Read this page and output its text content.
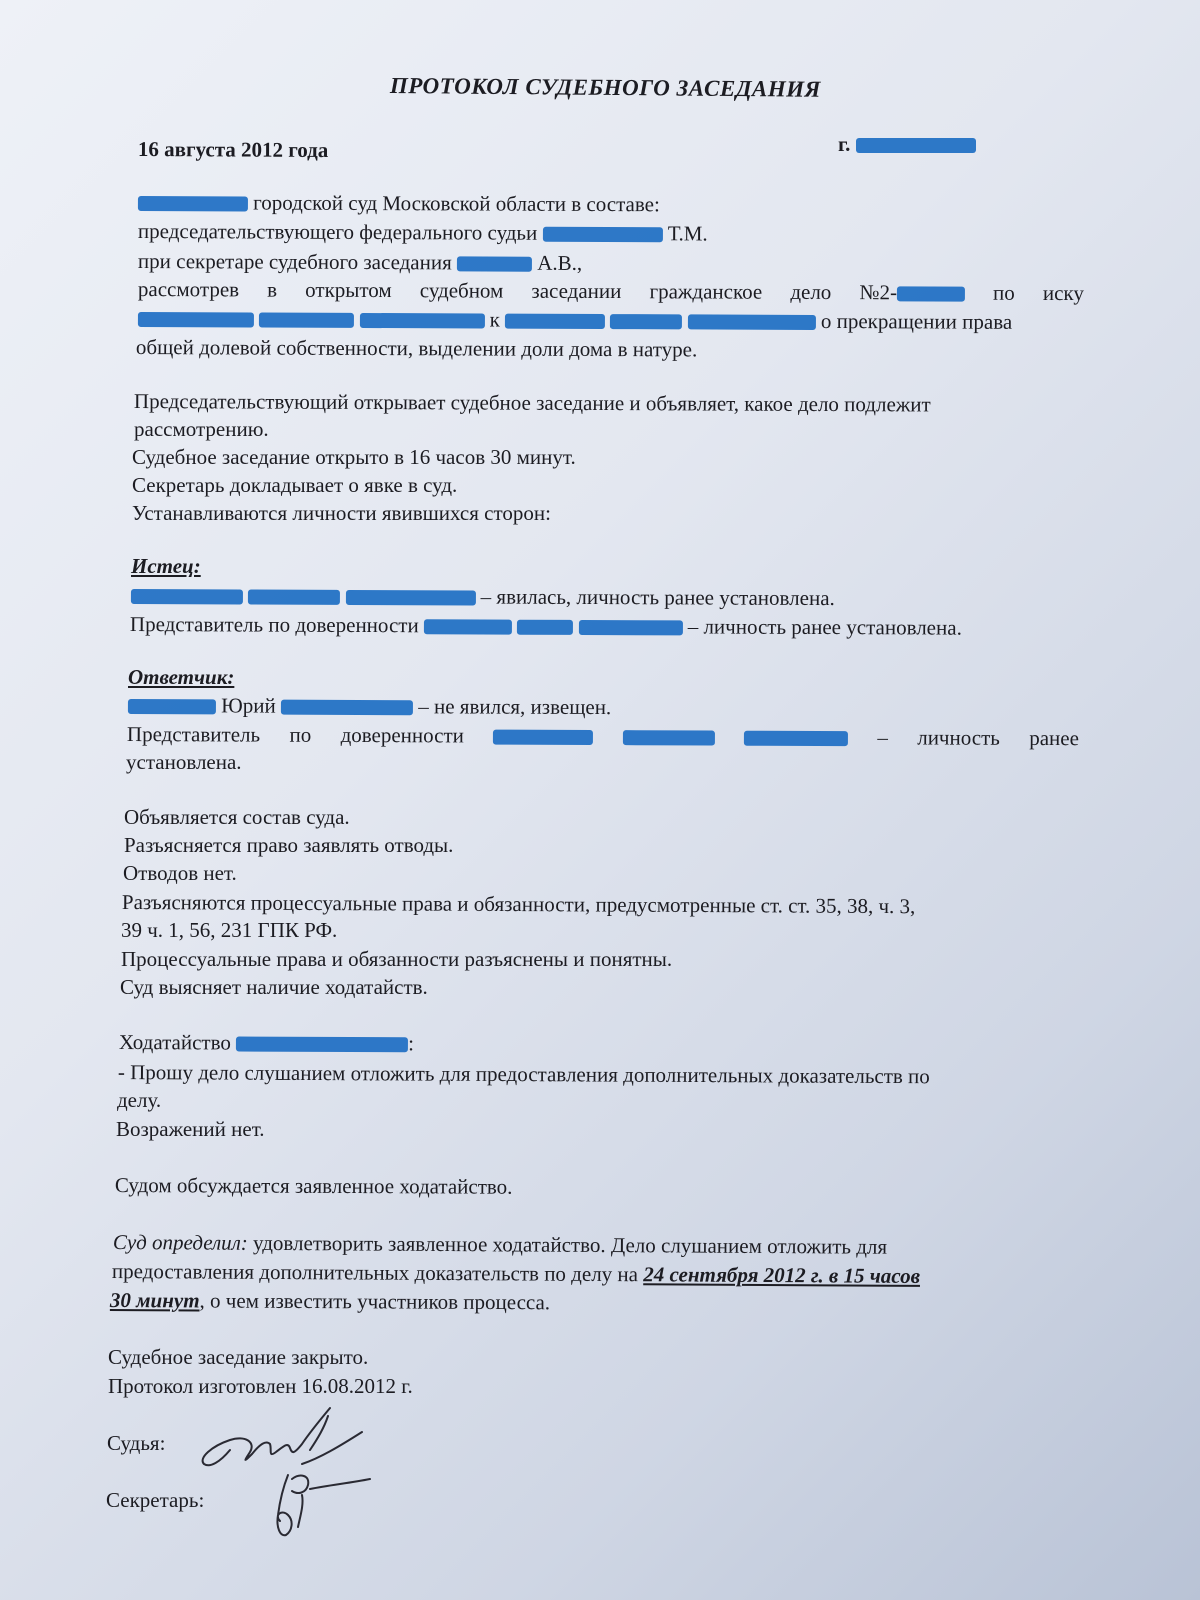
ПРОТОКОЛ СУДЕБНОГО ЗАСЕДАНИЯ
16 августа 2012 года	г.
городской суд Московской области в составе:
председательствующего федерального судьи	Т.М.
при секретаре судебного заседания	А.В.,
рассмотрев в открытом судебном заседании гражданское дело №2-	по иску
к	о прекращении права
общей долевой собственности, выделении доли дома в натуре.
Председательствующий открывает судебное заседание и объявляет, какое дело подлежит
рассмотрению.
Судебное заседание открыто в 16 часов 30 минут.
Секретарь докладывает о явке в суд.
Устанавливаются личности явившихся сторон:
Истец:
– явилась, личность ранее установлена.
Представитель по доверенности	– личность ранее установлена.
Ответчик:
Юрий	– не явился, извещен.
Представитель по доверенности	– личность ранее
установлена.
Объявляется состав суда.
Разъясняется право заявлять отводы.
Отводов нет.
Разъясняются процессуальные права и обязанности, предусмотренные ст. ст. 35, 38, ч. 3,
39 ч. 1, 56, 231 ГПК РФ.
Процессуальные права и обязанности разъяснены и понятны.
Суд выясняет наличие ходатайств.
Ходатайство	:
- Прошу дело слушанием отложить для предоставления дополнительных доказательств по
делу.
Возражений нет.
Судом обсуждается заявленное ходатайство.
Суд определил: удовлетворить заявленное ходатайство. Дело слушанием отложить для
предоставления дополнительных доказательств по делу на 24 сентября 2012 г. в 15 часов
30 минут, о чем известить участников процесса.
Судебное заседание закрыто.
Протокол изготовлен 16.08.2012 г.
Судья:
Секретарь:
